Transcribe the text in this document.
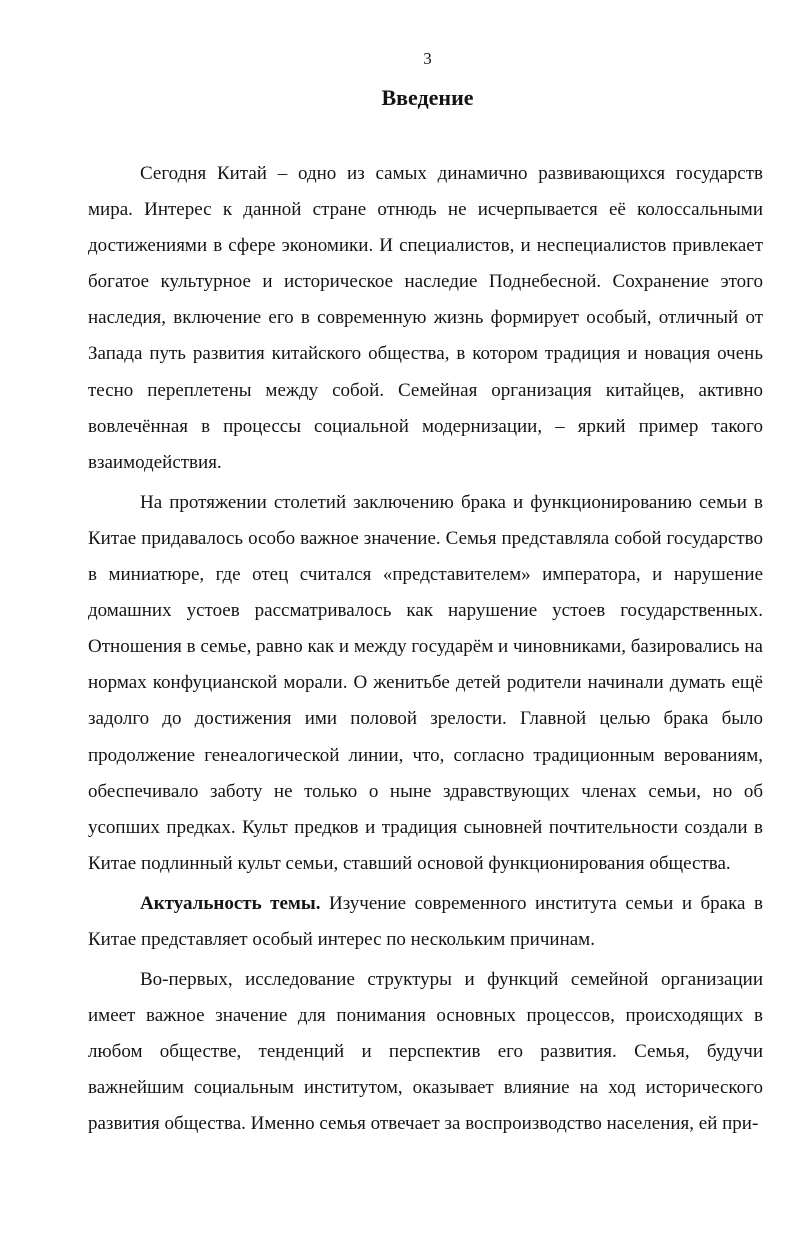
3
Введение

Сегодня Китай – одно из самых динамично развивающихся государств мира. Интерес к данной стране отнюдь не исчерпывается её колоссальными достижениями в сфере экономики. И специалистов, и неспециалистов привлекает богатое культурное и историческое наследие Поднебесной. Сохранение этого наследия, включение его в современную жизнь формирует особый, отличный от Запада путь развития китайского общества, в котором традиция и новация очень тесно переплетены между собой. Семейная организация китайцев, активно вовлечённая в процессы социальной модернизации, – яркий пример такого взаимодействия.

На протяжении столетий заключению брака и функционированию семьи в Китае придавалось особо важное значение. Семья представляла собой государство в миниатюре, где отец считался «представителем» императора, и нарушение домашних устоев рассматривалось как нарушение устоев государственных. Отношения в семье, равно как и между государём и чиновниками, базировались на нормах конфуцианской морали. О женитьбе детей родители начинали думать ещё задолго до достижения ими половой зрелости. Главной целью брака было продолжение генеалогической линии, что, согласно традиционным верованиям, обеспечивало заботу не только о ныне здравствующих членах семьи, но об усопших предках. Культ предков и традиция сыновней почтительности создали в Китае подлинный культ семьи, ставший основой функционирования общества.

Актуальность темы. Изучение современного института семьи и брака в Китае представляет особый интерес по нескольким причинам.

Во-первых, исследование структуры и функций семейной организации имеет важное значение для понимания основных процессов, происходящих в любом обществе, тенденций и перспектив его развития. Семья, будучи важнейшим социальным институтом, оказывает влияние на ход исторического развития общества. Именно семья отвечает за воспроизводство населения, ей при-
